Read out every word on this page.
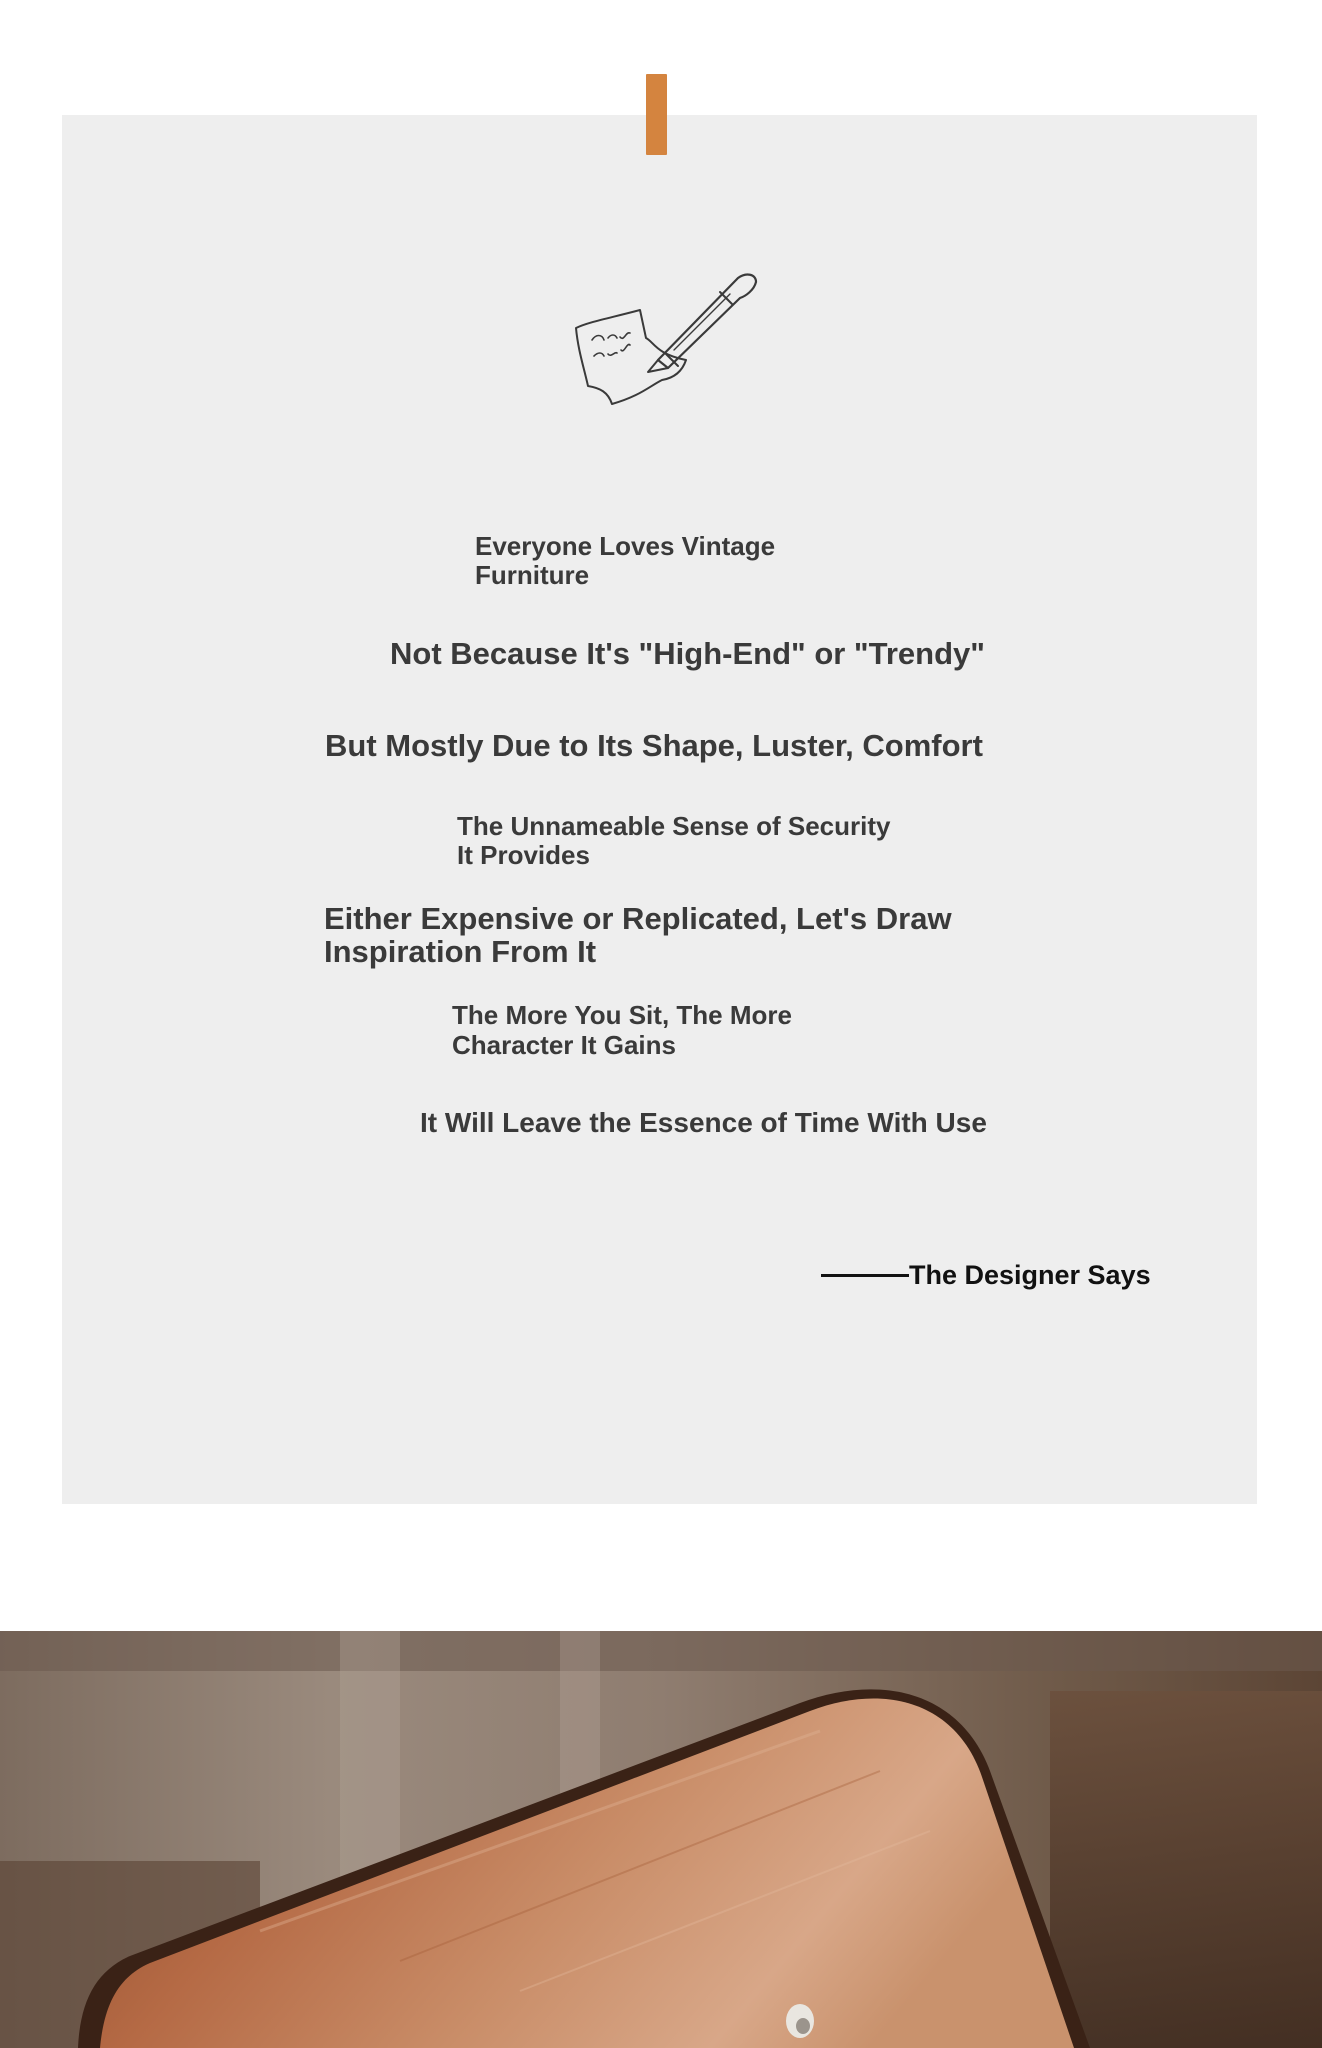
Everyone Loves Vintage
Furniture
Not Because It's "High-End" or "Trendy"
But Mostly Due to Its Shape, Luster, Comfort
The Unnameable Sense of Security
It Provides
Either Expensive or Replicated, Let's Draw
Inspiration From It
The More You Sit, The More
Character It Gains
It Will Leave the Essence of Time With Use
The Designer Says
